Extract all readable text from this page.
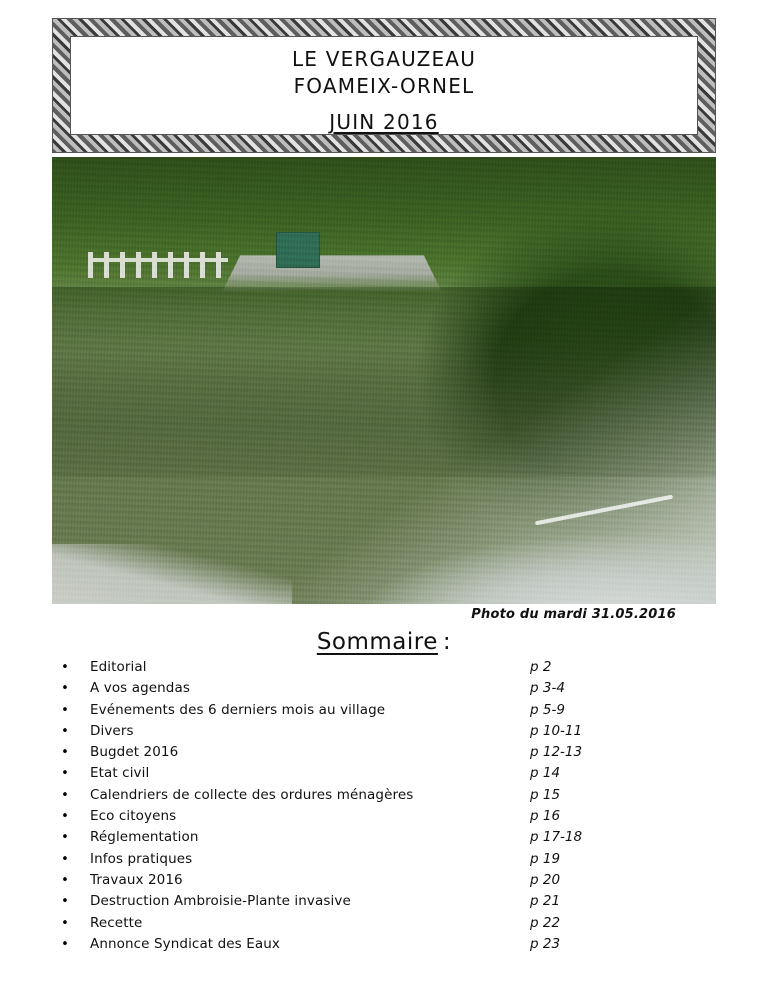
LE VERGAUZEAU
FOAMEIX-ORNEL
JUIN 2016
Photo du mardi 31.05.2016
Sommaire :
•	Editorial	p 2
•	A vos agendas	p 3-4
•	Evénements des 6 derniers mois au village	p 5-9
•	Divers	p 10-11
•	Bugdet 2016	p 12-13
•	Etat civil	p 14
•	Calendriers de collecte des ordures ménagères	p 15
•	Eco citoyens	p 16
•	Réglementation	p 17-18
•	Infos pratiques	p 19
•	Travaux 2016	p 20
•	Destruction Ambroisie-Plante invasive	p 21
•	Recette	p 22
•	Annonce Syndicat des Eaux	p 23
